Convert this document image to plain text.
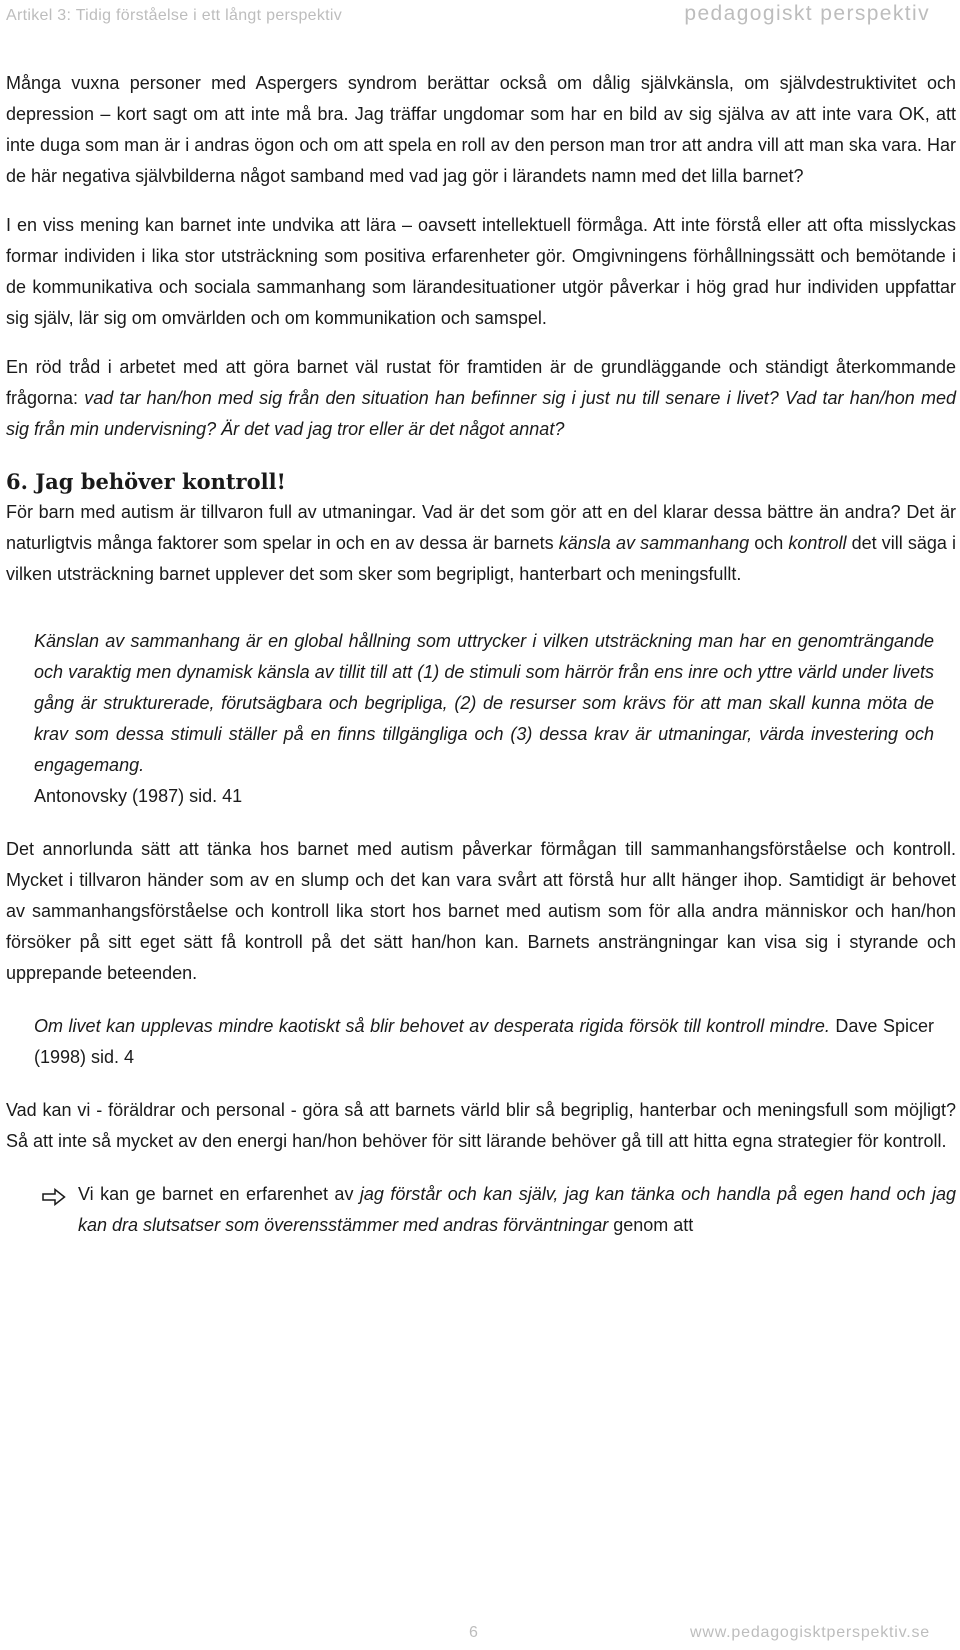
Artikel 3: Tidig förståelse i ett långt perspektiv	pedagogiskt perspektiv

Många vuxna personer med Aspergers syndrom berättar också om dålig självkänsla, om självdestruktivitet och depression – kort sagt om att inte må bra. Jag träffar ungdomar som har en bild av sig själva av att inte vara OK, att inte duga som man är i andras ögon och om att spela en roll av den person man tror att andra vill att man ska vara. Har de här negativa självbilderna något samband med vad jag gör i lärandets namn med det lilla barnet?

I en viss mening kan barnet inte undvika att lära – oavsett intellektuell förmåga. Att inte förstå eller att ofta misslyckas formar individen i lika stor utsträckning som positiva erfarenheter gör. Omgivningens förhållningssätt och bemötande i de kommunikativa och sociala sammanhang som lärandesituationer utgör påverkar i hög grad hur individen uppfattar sig själv, lär sig om omvärlden och om kommunikation och samspel.

En röd tråd i arbetet med att göra barnet väl rustat för framtiden är de grundläggande och ständigt återkommande frågorna: vad tar han/hon med sig från den situation han befinner sig i just nu till senare i livet? Vad tar han/hon med sig från min undervisning? Är det vad jag tror eller är det något annat?

6. Jag behöver kontroll!

För barn med autism är tillvaron full av utmaningar. Vad är det som gör att en del klarar dessa bättre än andra? Det är naturligtvis många faktorer som spelar in och en av dessa är barnets känsla av sammanhang och kontroll det vill säga i vilken utsträckning barnet upplever det som sker som begripligt, hanterbart och meningsfullt.

Känslan av sammanhang är en global hållning som uttrycker i vilken utsträckning man har en genomträngande och varaktig men dynamisk känsla av tillit till att (1) de stimuli som härrör från ens inre och yttre värld under livets gång är strukturerade, förutsägbara och begripliga, (2) de resurser som krävs för att man skall kunna möta de krav som dessa stimuli ställer på en finns tillgängliga och (3) dessa krav är utmaningar, värda investering och engagemang.

Antonovsky (1987) sid. 41

Det annorlunda sätt att tänka hos barnet med autism påverkar förmågan till sammanhangsförståelse och kontroll. Mycket i tillvaron händer som av en slump och det kan vara svårt att förstå hur allt hänger ihop. Samtidigt är behovet av sammanhangsförståelse och kontroll lika stort hos barnet med autism som för alla andra människor och han/hon försöker på sitt eget sätt få kontroll på det sätt han/hon kan. Barnets ansträngningar kan visa sig i styrande och upprepande beteenden.

Om livet kan upplevas mindre kaotiskt så blir behovet av desperata rigida försök till kontroll mindre. Dave Spicer (1998) sid. 4

Vad kan vi - föräldrar och personal - göra så att barnets värld blir så begriplig, hanterbar och meningsfull som möjligt? Så att inte så mycket av den energi han/hon behöver för sitt lärande behöver gå till att hitta egna strategier för kontroll.

Vi kan ge barnet en erfarenhet av jag förstår och kan själv, jag kan tänka och handla på egen hand och jag kan dra slutsatser som överensstämmer med andras förväntningar genom att

6	www.pedagogisktperspektiv.se
